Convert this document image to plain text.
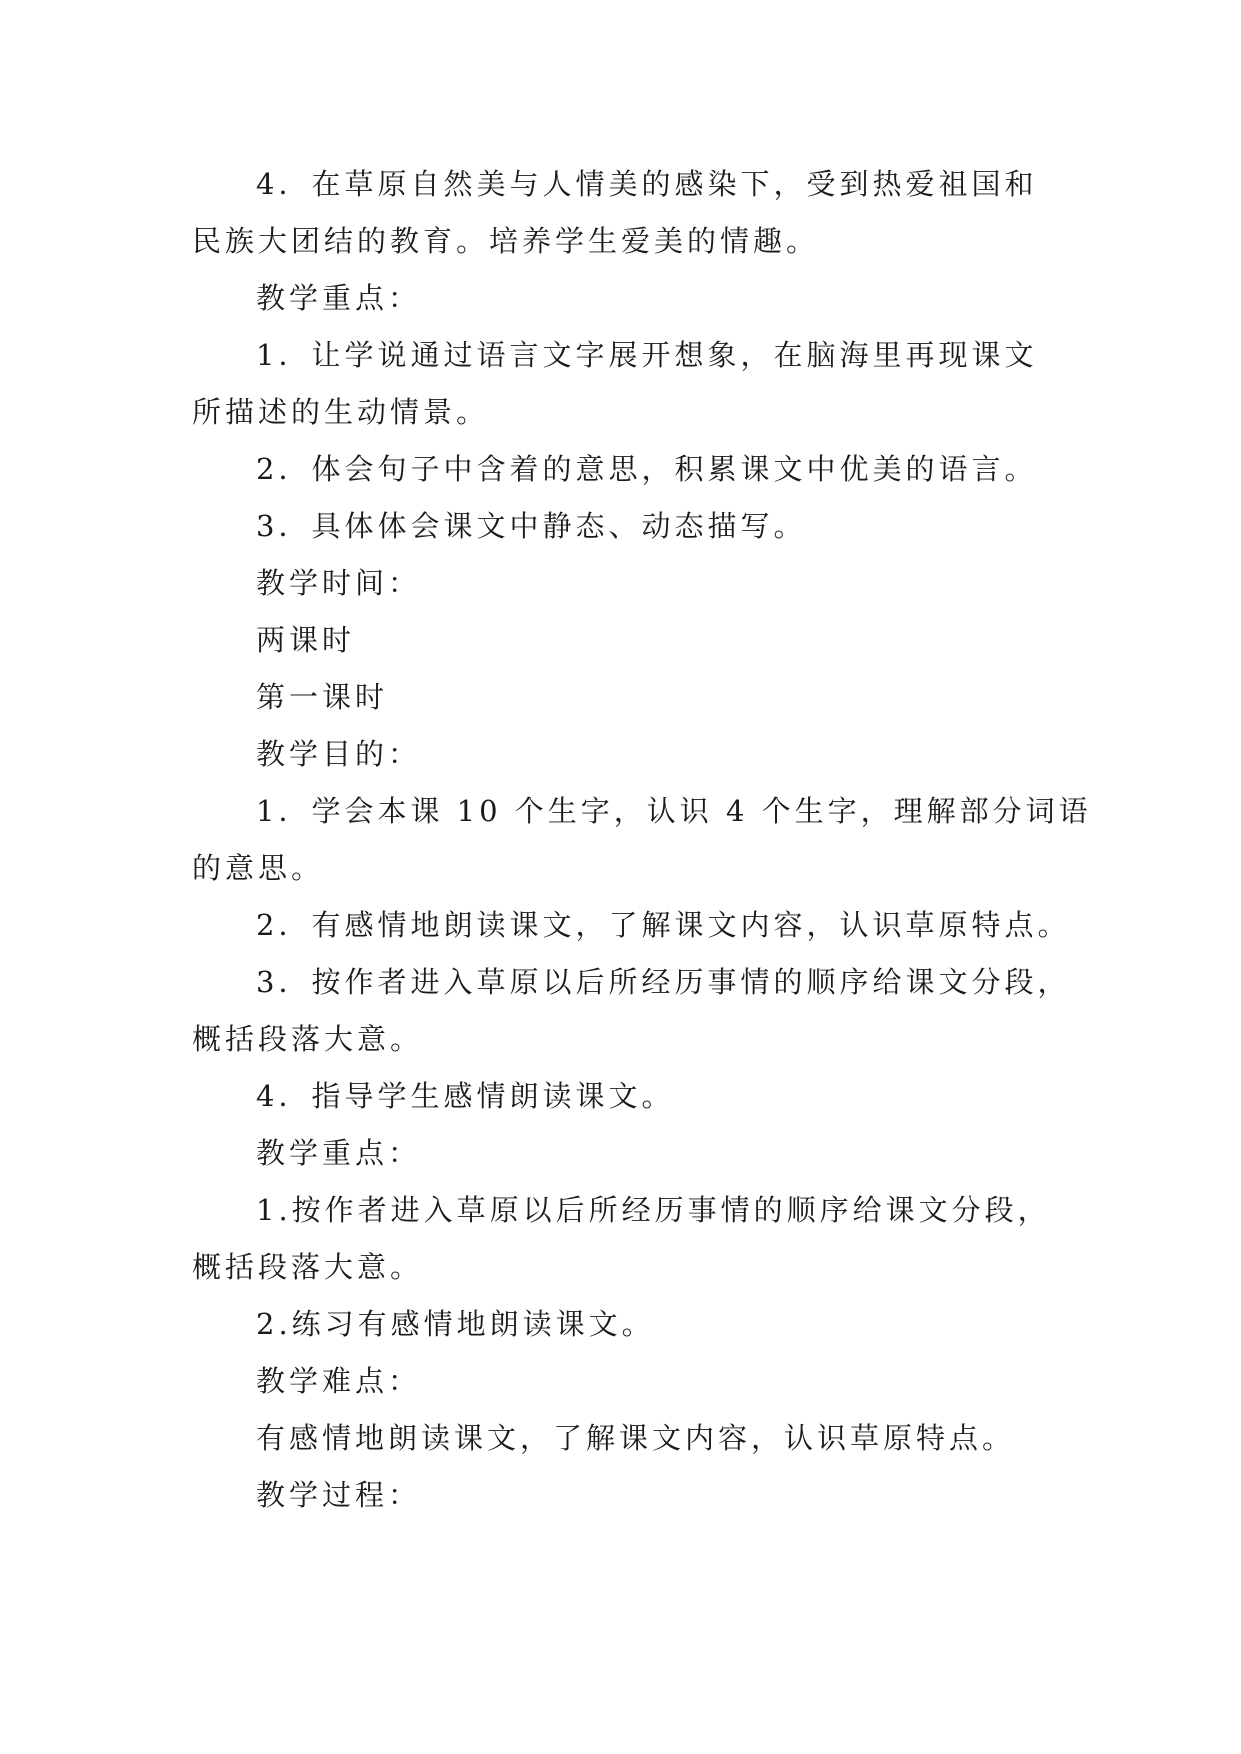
4．在草原自然美与人情美的感染下，受到热爱祖国和
民族大团结的教育。培养学生爱美的情趣。
教学重点：
1．让学说通过语言文字展开想象，在脑海里再现课文
所描述的生动情景。
2．体会句子中含着的意思，积累课文中优美的语言。
3．具体体会课文中静态、动态描写。
教学时间：
两课时
第一课时
教学目的：
1．学会本课 10 个生字，认识 4 个生字，理解部分词语
的意思。
2．有感情地朗读课文，了解课文内容，认识草原特点。
3．按作者进入草原以后所经历事情的顺序给课文分段，
概括段落大意。
4．指导学生感情朗读课文。
教学重点：
1.按作者进入草原以后所经历事情的顺序给课文分段，
概括段落大意。
2.练习有感情地朗读课文。
教学难点：
有感情地朗读课文，了解课文内容，认识草原特点。
教学过程：
